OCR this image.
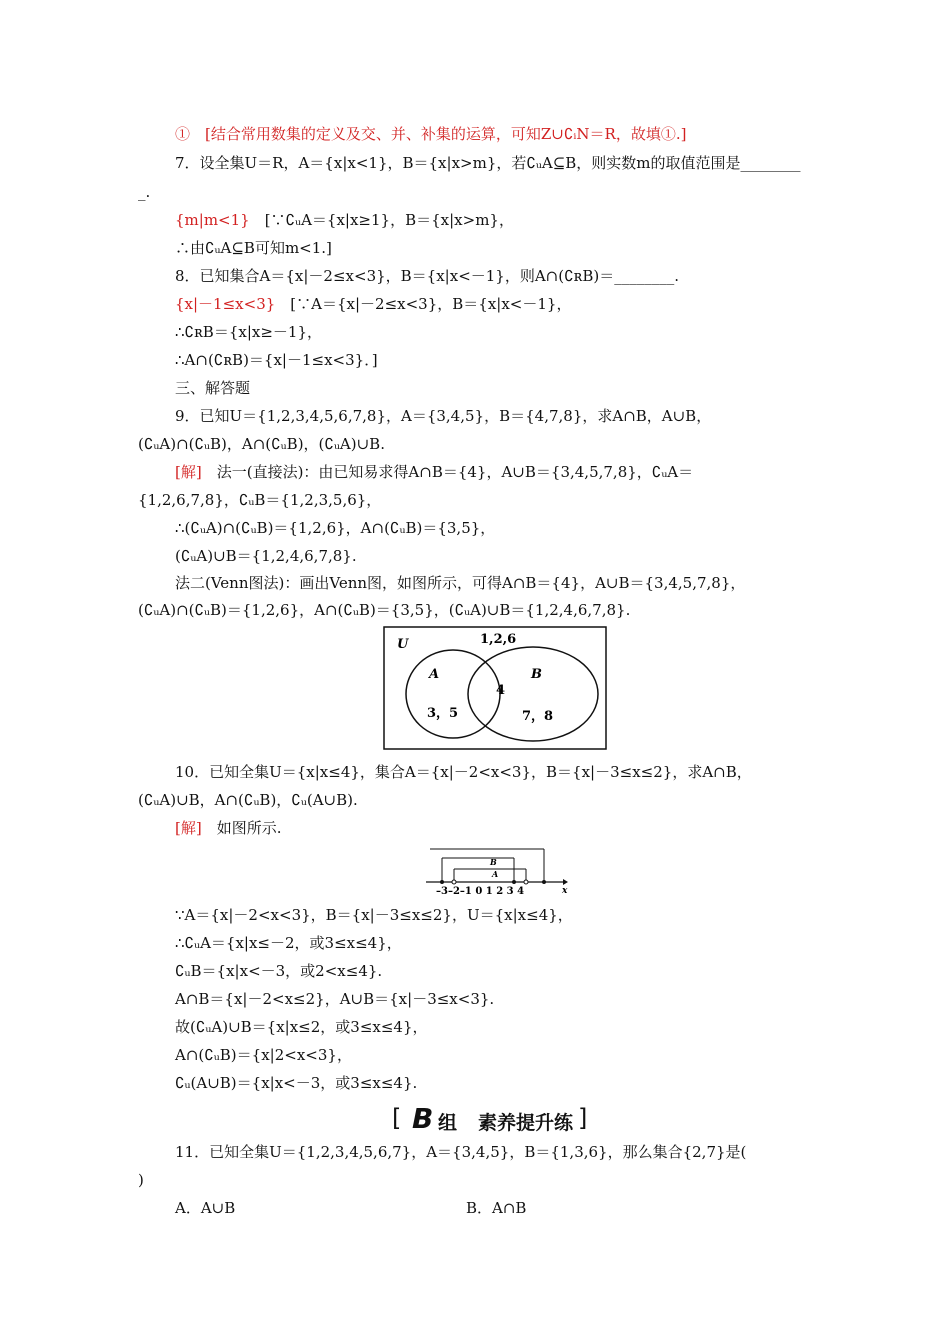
①　[结合常用数集的定义及交、并、补集的运算，可知Z∪∁ᵢN＝R，故填①.]
7．设全集U＝R，A＝{x|x<1}，B＝{x|x>m}，若∁ᵤA⊆B，则实数m的取值范围是________
_.
{m|m<1}　[∵∁ᵤA＝{x|x≥1}，B＝{x|x>m}，
∴由∁ᵤA⊆B可知m<1.]
8．已知集合A＝{x|－2≤x<3}，B＝{x|x<－1}，则A∩(∁ʀB)＝________.
{x|－1≤x<3}　[∵A＝{x|－2≤x<3}，B＝{x|x<－1}，
∴∁ʀB＝{x|x≥－1}，
∴A∩(∁ʀB)＝{x|－1≤x<3}．]
三、解答题
9．已知U＝{1,2,3,4,5,6,7,8}，A＝{3,4,5}，B＝{4,7,8}，求A∩B，A∪B，
(∁ᵤA)∩(∁ᵤB)，A∩(∁ᵤB)，(∁ᵤA)∪B.
[解]　法一(直接法)：由已知易求得A∩B＝{4}，A∪B＝{3,4,5,7,8}，∁ᵤA＝
{1,2,6,7,8}，∁ᵤB＝{1,2,3,5,6}，
∴(∁ᵤA)∩(∁ᵤB)＝{1,2,6}，A∩(∁ᵤB)＝{3,5}，
(∁ᵤA)∪B＝{1,2,4,6,7,8}.
法二(Venn图法)：画出Venn图，如图所示，可得A∩B＝{4}，A∪B＝{3,4,5,7,8}，
(∁ᵤA)∩(∁ᵤB)＝{1,2,6}，A∩(∁ᵤB)＝{3,5}，(∁ᵤA)∪B＝{1,2,4,6,7,8}.
U	1,2,6
A	B
4
3，5	7，8
10．已知全集U＝{x|x≤4}，集合A＝{x|－2<x<3}，B＝{x|－3≤x≤2}，求A∩B，
(∁ᵤA)∪B，A∩(∁ᵤB)，∁ᵤ(A∪B).
[解]　如图所示.
B
A
–3–2–1 0 1 2 3 4	x
∵A＝{x|－2<x<3}，B＝{x|－3≤x≤2}，U＝{x|x≤4}，
∴∁ᵤA＝{x|x≤－2，或3≤x≤4}，
∁ᵤB＝{x|x<－3，或2<x≤4}.
A∩B＝{x|－2<x≤2}，A∪B＝{x|－3≤x<3}.
故(∁ᵤA)∪B＝{x|x≤2，或3≤x≤4}，
A∩(∁ᵤB)＝{x|2<x<3}，
∁ᵤ(A∪B)＝{x|x<－3，或3≤x≤4}.
[ B 组 素养提升练 ]
11．已知全集U＝{1,2,3,4,5,6,7}，A＝{3,4,5}，B＝{1,3,6}，那么集合{2,7}是(
)
A．A∪B	B．A∩B
